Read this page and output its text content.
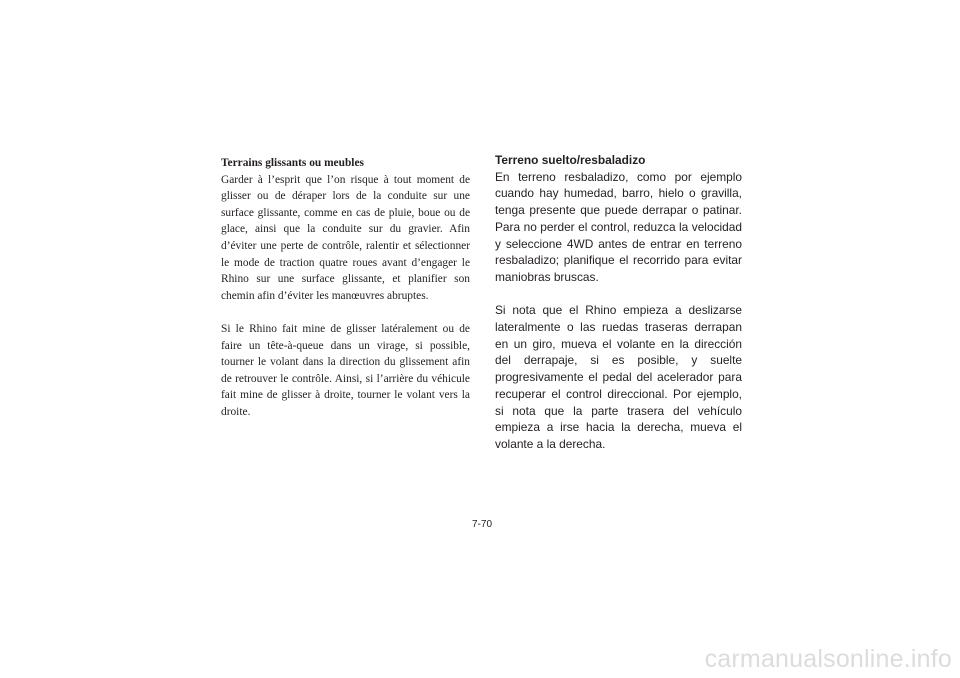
Terrains glissants ou meubles

Garder à l’esprit que l’on risque à tout moment de glisser ou de déraper lors de la conduite sur une surface glissante, comme en cas de pluie, boue ou de glace, ainsi que la conduite sur du gravier. Afin d’éviter une perte de contrôle, ralentir et sélectionner le mode de traction quatre roues avant d’engager le Rhino sur une surface glissante, et planifier son chemin afin d’éviter les manœuvres abruptes.

Si le Rhino fait mine de glisser latéralement ou de faire un tête-à-queue dans un virage, si possible, tourner le volant dans la direction du glissement afin de retrouver le contrôle. Ainsi, si l’arrière du véhicule fait mine de glisser à droite, tourner le volant vers la droite.

Terreno suelto/resbaladizo

En terreno resbaladizo, como por ejemplo cuando hay humedad, barro, hielo o gravilla, tenga presente que puede derrapar o patinar. Para no perder el control, reduzca la velocidad y seleccione 4WD antes de entrar en terreno resbaladizo; planifique el recorrido para evitar maniobras bruscas.

Si nota que el Rhino empieza a deslizarse lateralmente o las ruedas traseras derrapan en un giro, mueva el volante en la dirección del derrapaje, si es posible, y suelte progresivamente el pedal del acelerador para recuperar el control direccional. Por ejemplo, si nota que la parte trasera del vehículo empieza a irse hacia la derecha, mueva el volante a la derecha.

7-70
carmanualsonline.info
